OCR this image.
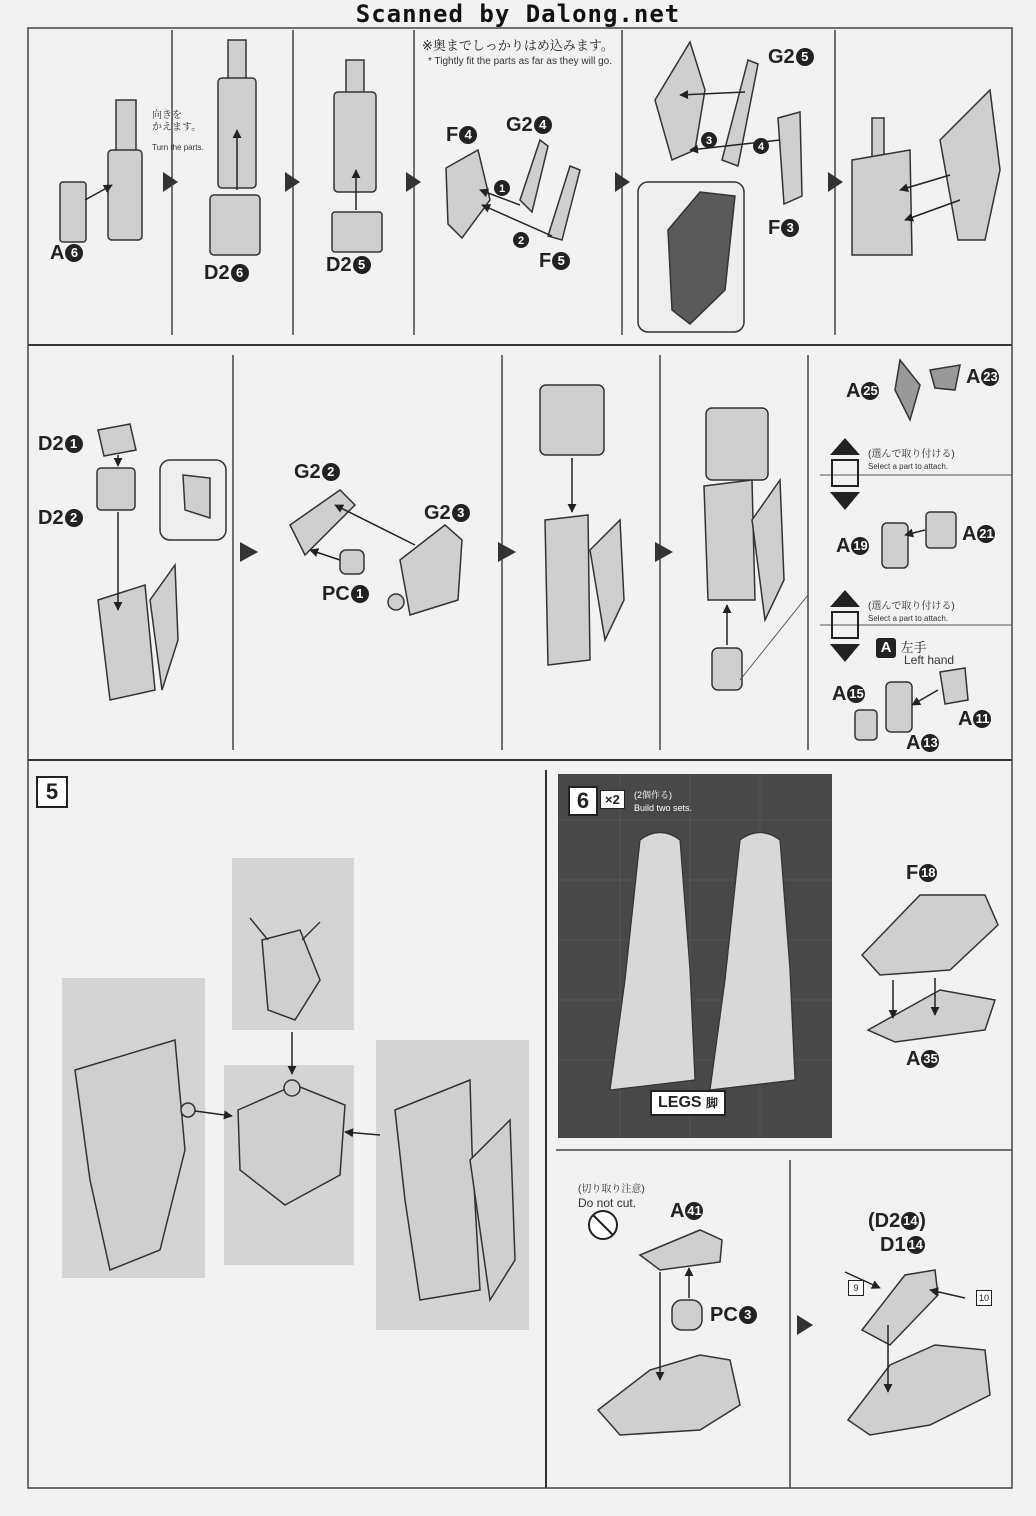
Scanned by Dalong.net
1
2
3	4
※奥までしっかりはめ込みます。
* Tightly fit the parts as far as they will go.
向きを
かえます。
Turn the parts.
A 6
D2 6	D2 5
F 4 G2 4
F 5
G2 5
F 3
D2 1
D2 2
G2 2
G2 3
PC 1
A 25
A 23
A 19
A 21
A 15
A 11
A 13
(選んで取り付ける)
Select a part to attach.
(選んで取り付ける)
Select a part to attach.
A 左手
Left hand
5	6	×2	(2個作る)
Build two sets.
LEGS 脚
F 18
A 35
A 41
PC 3
(D2 14)
D1 14
(切り取り注意)
Do not cut.
9
10
